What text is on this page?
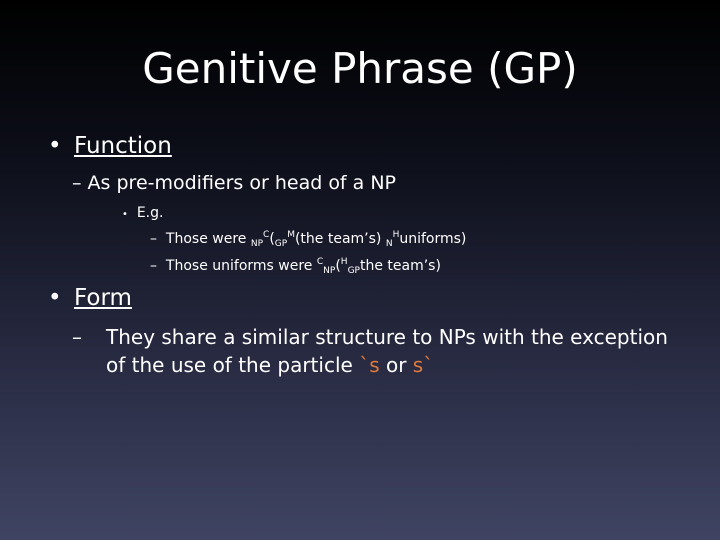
Genitive Phrase (GP)
• Function
– As pre-modifiers or head of a NP
• E.g.
– Those were $_{NP}^C(_{GP}^M(the$ team’s) $_N^H$uniforms)
– Those uniforms were $^C_{NP}$($^H_{GP}$the team’s)
• Form
– They share a similar structure to NPs with the exception
of the use of the particle `s or s`
